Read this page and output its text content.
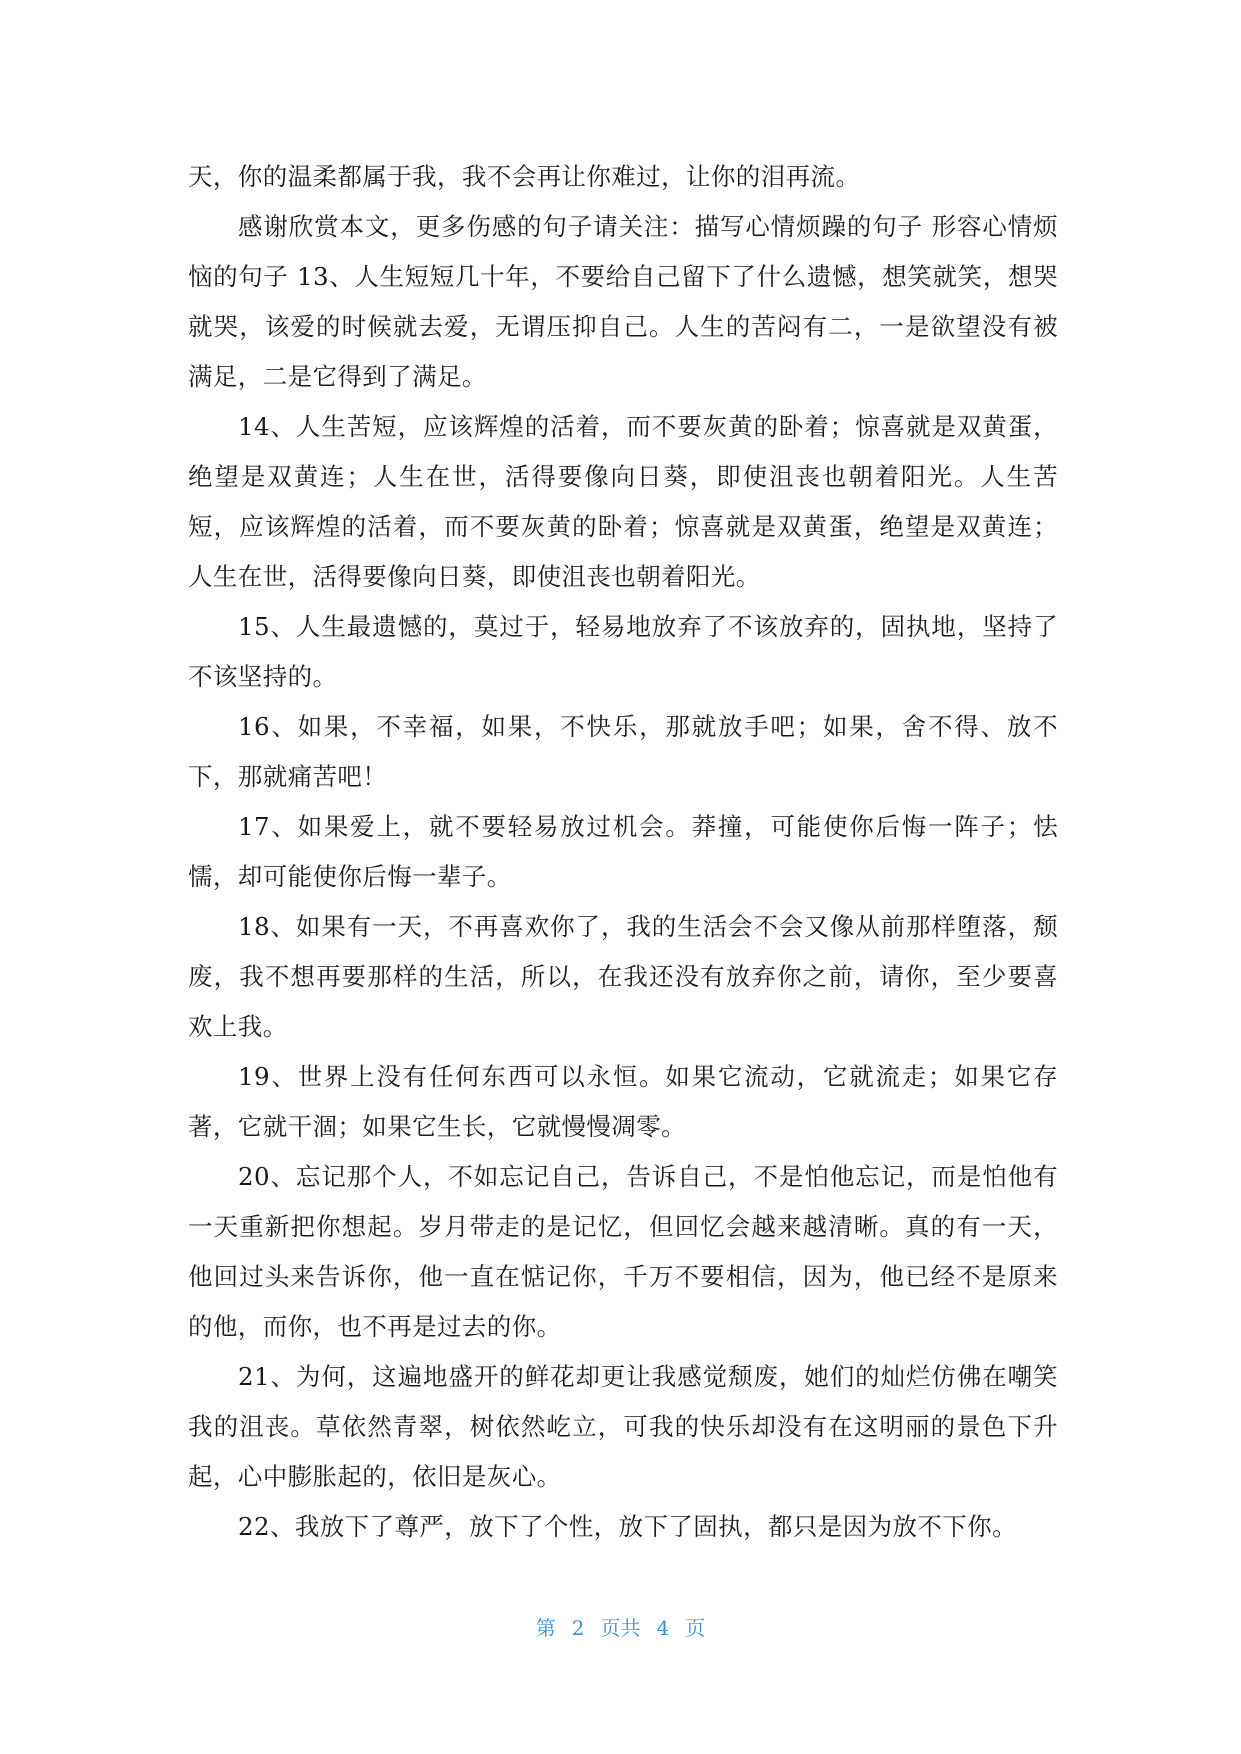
天，你的温柔都属于我，我不会再让你难过，让你的泪再流。

感谢欣赏本文，更多伤感的句子请关注：描写心情烦躁的句子 形容心情烦恼的句子 13、人生短短几十年，不要给自己留下了什么遗憾，想笑就笑，想哭就哭，该爱的时候就去爱，无谓压抑自己。人生的苦闷有二，一是欲望没有被满足，二是它得到了满足。

14、人生苦短，应该辉煌的活着，而不要灰黄的卧着；惊喜就是双黄蛋，绝望是双黄连；人生在世，活得要像向日葵，即使沮丧也朝着阳光。人生苦短，应该辉煌的活着，而不要灰黄的卧着；惊喜就是双黄蛋，绝望是双黄连；人生在世，活得要像向日葵，即使沮丧也朝着阳光。

15、人生最遗憾的，莫过于，轻易地放弃了不该放弃的，固执地，坚持了不该坚持的。

16、如果，不幸福，如果，不快乐，那就放手吧；如果，舍不得、放不下，那就痛苦吧！

17、如果爱上，就不要轻易放过机会。莽撞，可能使你后悔一阵子；怯懦，却可能使你后悔一辈子。

18、如果有一天，不再喜欢你了，我的生活会不会又像从前那样堕落，颓废，我不想再要那样的生活，所以，在我还没有放弃你之前，请你，至少要喜欢上我。

19、世界上没有任何东西可以永恒。如果它流动，它就流走；如果它存著，它就干涸；如果它生长，它就慢慢凋零。

20、忘记那个人，不如忘记自己，告诉自己，不是怕他忘记，而是怕他有一天重新把你想起。岁月带走的是记忆，但回忆会越来越清晰。真的有一天，他回过头来告诉你，他一直在惦记你，千万不要相信，因为，他已经不是原来的他，而你，也不再是过去的你。

21、为何，这遍地盛开的鲜花却更让我感觉颓废，她们的灿烂仿佛在嘲笑我的沮丧。草依然青翠，树依然屹立，可我的快乐却没有在这明丽的景色下升起，心中膨胀起的，依旧是灰心。

22、我放下了尊严，放下了个性，放下了固执，都只是因为放不下你。

第 2 页共 4 页
